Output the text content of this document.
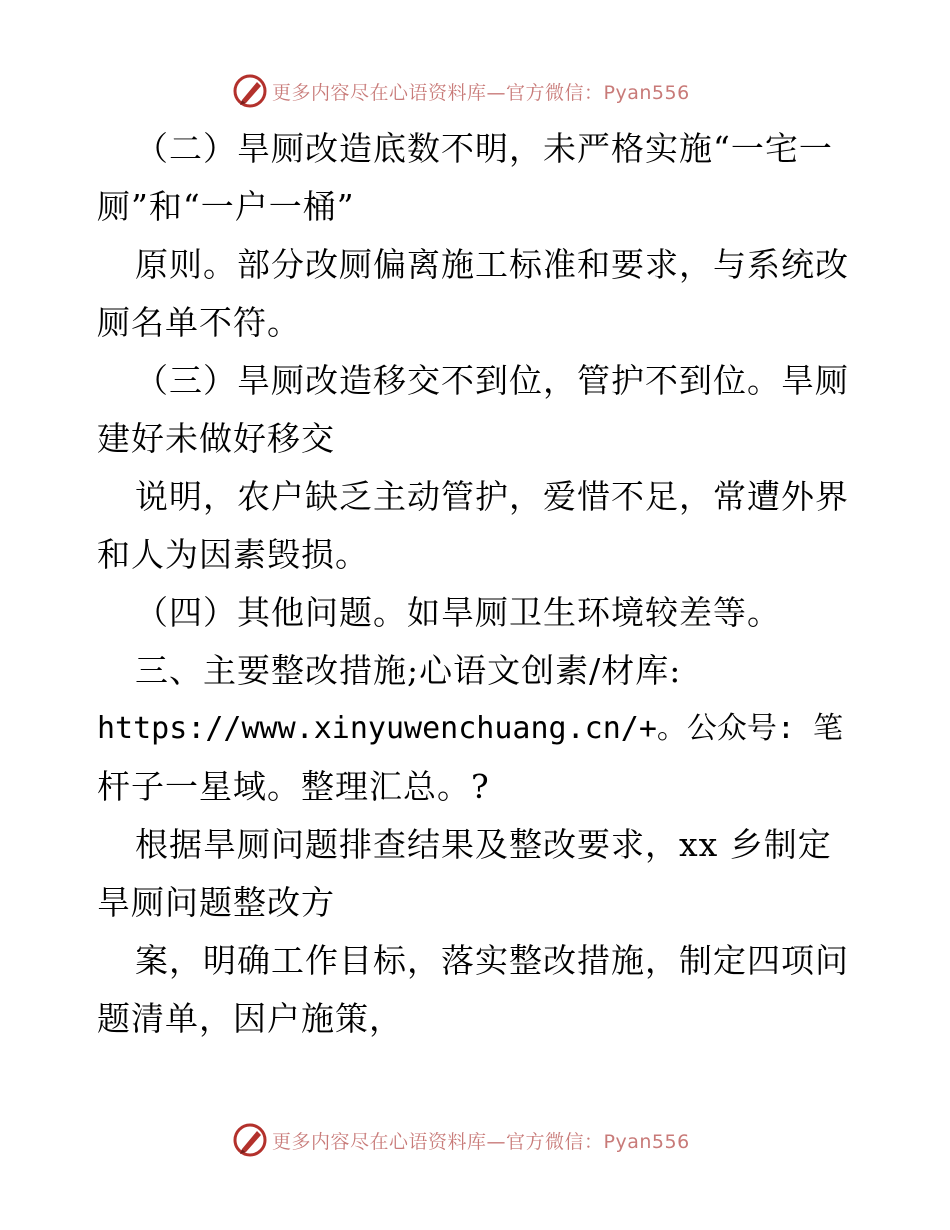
更多内容尽在心语资料库—官方微信：Pyan556
（二）旱厕改造底数不明，未严格实施“一宅一
厕”和“一户一桶”
原则。部分改厕偏离施工标准和要求，与系统改
厕名单不符。
（三）旱厕改造移交不到位，管护不到位。旱厕
建好未做好移交
说明，农户缺乏主动管护，爱惜不足，常遭外界
和人为因素毁损。
（四）其他问题。如旱厕卫生环境较差等。
三、主要整改措施;心语文创素/材库:
https://www.xinyuwenchuang.cn/+。公众号: 笔
杆子一星域。整理汇总。?
根据旱厕问题排查结果及整改要求，xx 乡制定
旱厕问题整改方
案，明确工作目标，落实整改措施，制定四项问
题清单，因户施策，
更多内容尽在心语资料库—官方微信：Pyan556
